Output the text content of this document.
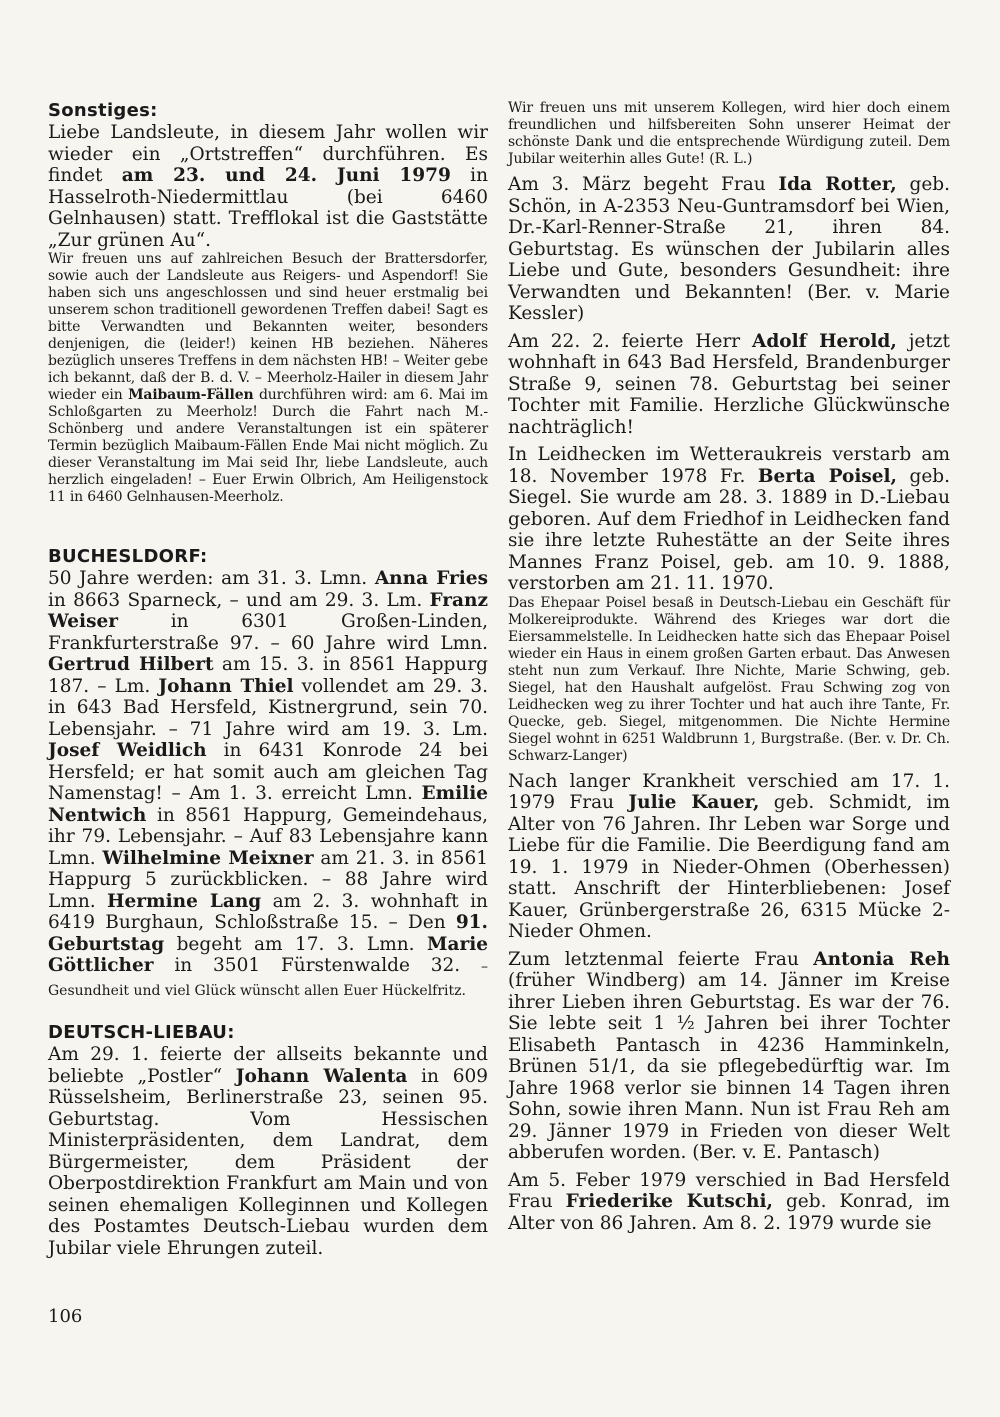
Sonstiges:

Liebe Landsleute, in diesem Jahr wollen wir wieder ein „Ortstreffen“ durchführen. Es findet am 23. und 24. Juni 1979 in Hasselroth-Niedermittlau (bei 6460 Gelnhausen) statt. Trefflokal ist die Gaststätte „Zur grünen Au“.

Wir freuen uns auf zahlreichen Besuch der Brattersdorfer, sowie auch der Landsleute aus Reigers- und Aspendorf! Sie haben sich uns angeschlossen und sind heuer erstmalig bei unserem schon traditionell gewordenen Treffen dabei! Sagt es bitte Verwandten und Bekannten weiter, besonders denjenigen, die (leider!) keinen HB beziehen. Näheres bezüglich unseres Treffens in dem nächsten HB! – Weiter gebe ich bekannt, daß der B. d. V. – Meerholz-Hailer in diesem Jahr wieder ein Maibaum-Fällen durchführen wird: am 6. Mai im Schloßgarten zu Meerholz! Durch die Fahrt nach M.-Schönberg und andere Veranstaltungen ist ein späterer Termin bezüglich Maibaum-Fällen Ende Mai nicht möglich. Zu dieser Veranstaltung im Mai seid Ihr, liebe Landsleute, auch herzlich eingeladen! – Euer Erwin Olbrich, Am Heiligenstock 11 in 6460 Gelnhausen-Meerholz.

BUCHESLDORF:

50 Jahre werden: am 31. 3. Lmn. Anna Fries in 8663 Sparneck, – und am 29. 3. Lm. Franz Weiser in 6301 Großen-Linden, Frankfurterstraße 97. – 60 Jahre wird Lmn. Gertrud Hilbert am 15. 3. in 8561 Happurg 187. – Lm. Johann Thiel vollendet am 29. 3. in 643 Bad Hersfeld, Kistnergrund, sein 70. Lebensjahr. – 71 Jahre wird am 19. 3. Lm. Josef Weidlich in 6431 Konrode 24 bei Hersfeld; er hat somit auch am gleichen Tag Namenstag! – Am 1. 3. erreicht Lmn. Emilie Nentwich in 8561 Happurg, Gemeindehaus, ihr 79. Lebensjahr. – Auf 83 Lebensjahre kann Lmn. Wilhelmine Meixner am 21. 3. in 8561 Happurg 5 zurückblicken. – 88 Jahre wird Lmn. Hermine Lang am 2. 3. wohnhaft in 6419 Burghaun, Schloßstraße 15. – Den 91. Geburtstag begeht am 17. 3. Lmn. Marie Göttlicher in 3501 Fürstenwalde 32. – Gesundheit und viel Glück wünscht allen Euer Hückelfritz.

DEUTSCH-LIEBAU:

Am 29. 1. feierte der allseits bekannte und beliebte „Postler“ Johann Walenta in 609 Rüsselsheim, Berlinerstraße 23, seinen 95. Geburtstag. Vom Hessischen Ministerpräsidenten, dem Landrat, dem Bürgermeister, dem Präsident der Oberpostdirektion Frankfurt am Main und von seinen ehemaligen Kolleginnen und Kollegen des Postamtes Deutsch-Liebau wurden dem Jubilar viele Ehrungen zuteil.

Wir freuen uns mit unserem Kollegen, wird hier doch einem freundlichen und hilfsbereiten Sohn unserer Heimat der schönste Dank und die entsprechende Würdigung zuteil. Dem Jubilar weiterhin alles Gute! (R. L.)

Am 3. März begeht Frau Ida Rotter, geb. Schön, in A-2353 Neu-Guntramsdorf bei Wien, Dr.-Karl-Renner-Straße 21, ihren 84. Geburtstag. Es wünschen der Jubilarin alles Liebe und Gute, besonders Gesundheit: ihre Verwandten und Bekannten! (Ber. v. Marie Kessler)

Am 22. 2. feierte Herr Adolf Herold, jetzt wohnhaft in 643 Bad Hersfeld, Brandenburger Straße 9, seinen 78. Geburtstag bei seiner Tochter mit Familie. Herzliche Glückwünsche nachträglich!

In Leidhecken im Wetteraukreis verstarb am 18. November 1978 Fr. Berta Poisel, geb. Siegel. Sie wurde am 28. 3. 1889 in D.-Liebau geboren. Auf dem Friedhof in Leidhecken fand sie ihre letzte Ruhestätte an der Seite ihres Mannes Franz Poisel, geb. am 10. 9. 1888, verstorben am 21. 11. 1970.

Das Ehepaar Poisel besaß in Deutsch-Liebau ein Geschäft für Molkereiprodukte. Während des Krieges war dort die Eiersammelstelle. In Leidhecken hatte sich das Ehepaar Poisel wieder ein Haus in einem großen Garten erbaut. Das Anwesen steht nun zum Verkauf. Ihre Nichte, Marie Schwing, geb. Siegel, hat den Haushalt aufgelöst. Frau Schwing zog von Leidhecken weg zu ihrer Tochter und hat auch ihre Tante, Fr. Quecke, geb. Siegel, mitgenommen. Die Nichte Hermine Siegel wohnt in 6251 Waldbrunn 1, Burgstraße. (Ber. v. Dr. Ch. Schwarz-Langer)

Nach langer Krankheit verschied am 17. 1. 1979 Frau Julie Kauer, geb. Schmidt, im Alter von 76 Jahren. Ihr Leben war Sorge und Liebe für die Familie. Die Beerdigung fand am 19. 1. 1979 in Nieder-Ohmen (Oberhessen) statt. Anschrift der Hinterbliebenen: Josef Kauer, Grünbergerstraße 26, 6315 Mücke 2-Nieder Ohmen.

Zum letztenmal feierte Frau Antonia Reh (früher Windberg) am 14. Jänner im Kreise ihrer Lieben ihren Geburtstag. Es war der 76. Sie lebte seit 1 ½ Jahren bei ihrer Tochter Elisabeth Pantasch in 4236 Hamminkeln, Brünen 51/1, da sie pflegebedürftig war. Im Jahre 1968 verlor sie binnen 14 Tagen ihren Sohn, sowie ihren Mann. Nun ist Frau Reh am 29. Jänner 1979 in Frieden von dieser Welt abberufen worden. (Ber. v. E. Pantasch)

Am 5. Feber 1979 verschied in Bad Hersfeld Frau Friederike Kutschi, geb. Konrad, im Alter von 86 Jahren. Am 8. 2. 1979 wurde sie

106
